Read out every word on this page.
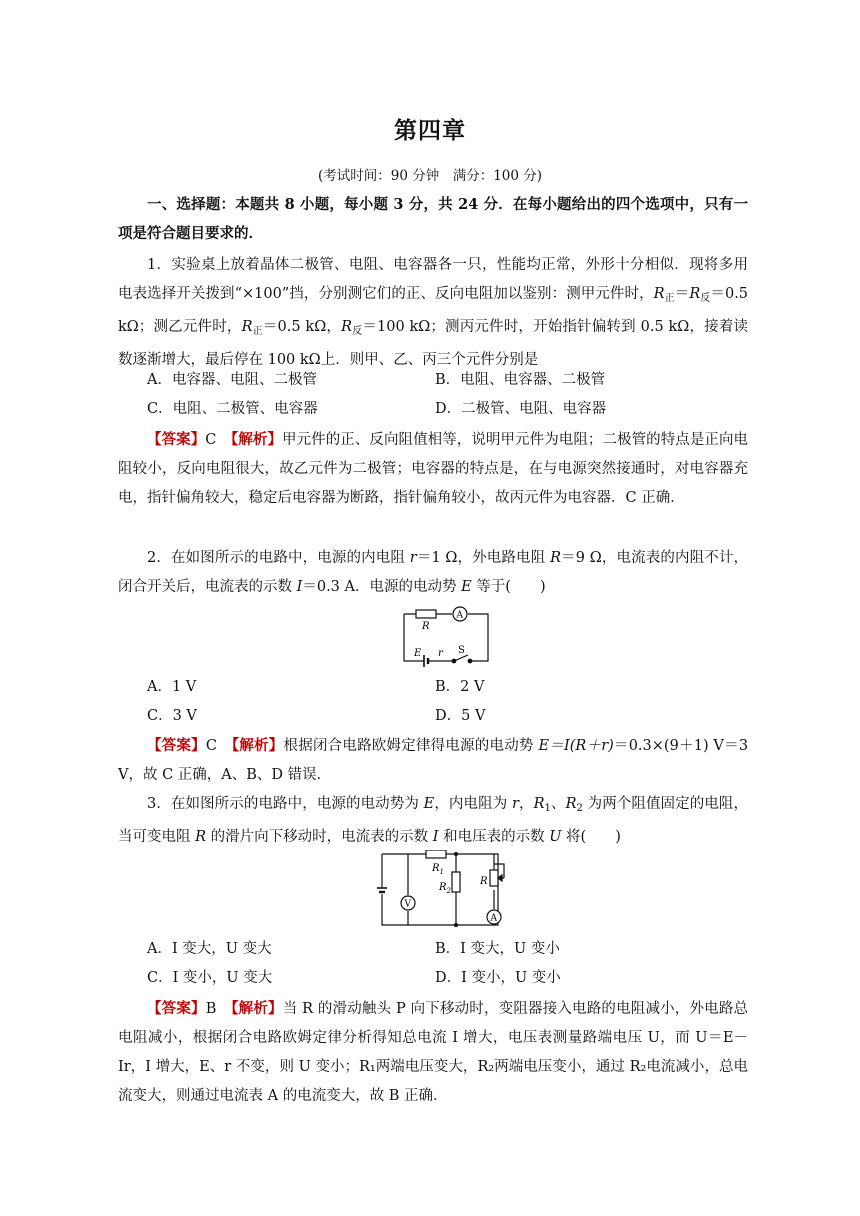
第四章
(考试时间：90 分钟　满分：100 分)

一、选择题：本题共 8 小题，每小题 3 分，共 24 分．在每小题给出的四个选项中，只有一项是符合题目要求的．

1．实验桌上放着晶体二极管、电阻、电容器各一只，性能均正常，外形十分相似．现将多用电表选择开关拨到“×100”挡，分别测它们的正、反向电阻加以鉴别：测甲元件时，$R_正=R_反=0.5$ kΩ；测乙元件时，$R_正=0.5$ kΩ，$R_反=100$ kΩ；测丙元件时，开始指针偏转到 0.5 kΩ，接着读数逐渐增大，最后停在 100 kΩ上．则甲、乙、丙三个元件分别是

A．电容器、电阻、二极管	B．电阻、电容器、二极管
C．电阻、二极管、电容器	D．二极管、电阻、电容器

【答案】C　 【解析】甲元件的正、反向阻值相等，说明甲元件为电阻；二极管的特点是正向电阻较小，反向电阻很大，故乙元件为二极管；电容器的特点是，在与电源突然接通时，对电容器充电，指针偏角较大，稳定后电容器为断路，指针偏角较小，故丙元件为电容器．C 正确．

2．在如图所示的电路中，电源的内电阻 r＝1 Ω，外电路电阻 R＝9 Ω，电流表的内阻不计，闭合开关后，电流表的示数 I＝0.3 A．电源的电动势 E 等于(　　)

R
A
E r S
A．1 V	B．2 V
C．3 V	D．5 V

【答案】C　 【解析】根据闭合电路欧姆定律得电源的电动势 E＝I(R＋r)＝0.3×(9＋1) V＝3 V，故 C 正确，A、B、D 错误．

3．在如图所示的电路中，电源的电动势为 E，内电阻为 r，$R_1$、$R_2$ 为两个阻值固定的电阻，当可变电阻 R 的滑片向下移动时，电流表的示数 I 和电压表的示数 U 将(　　)

$R_1$
$R_2$
R
V
A
A．I 变大，U 变大	B．I 变大，U 变小
C．I 变小，U 变大	D．I 变小，U 变小

【答案】B　 【解析】当 R 的滑动触头 P 向下移动时，变阻器接入电路的电阻减小，外电路总电阻减小，根据闭合电路欧姆定律分析得知总电流 I 增大，电压表测量路端电压 U，而 U＝E－Ir，I 增大，E、r 不变，则 U 变小；R₁两端电压变大，R₂两端电压变小，通过 R₂电流减小，总电流变大，则通过电流表 A 的电流变大，故 B 正确．
